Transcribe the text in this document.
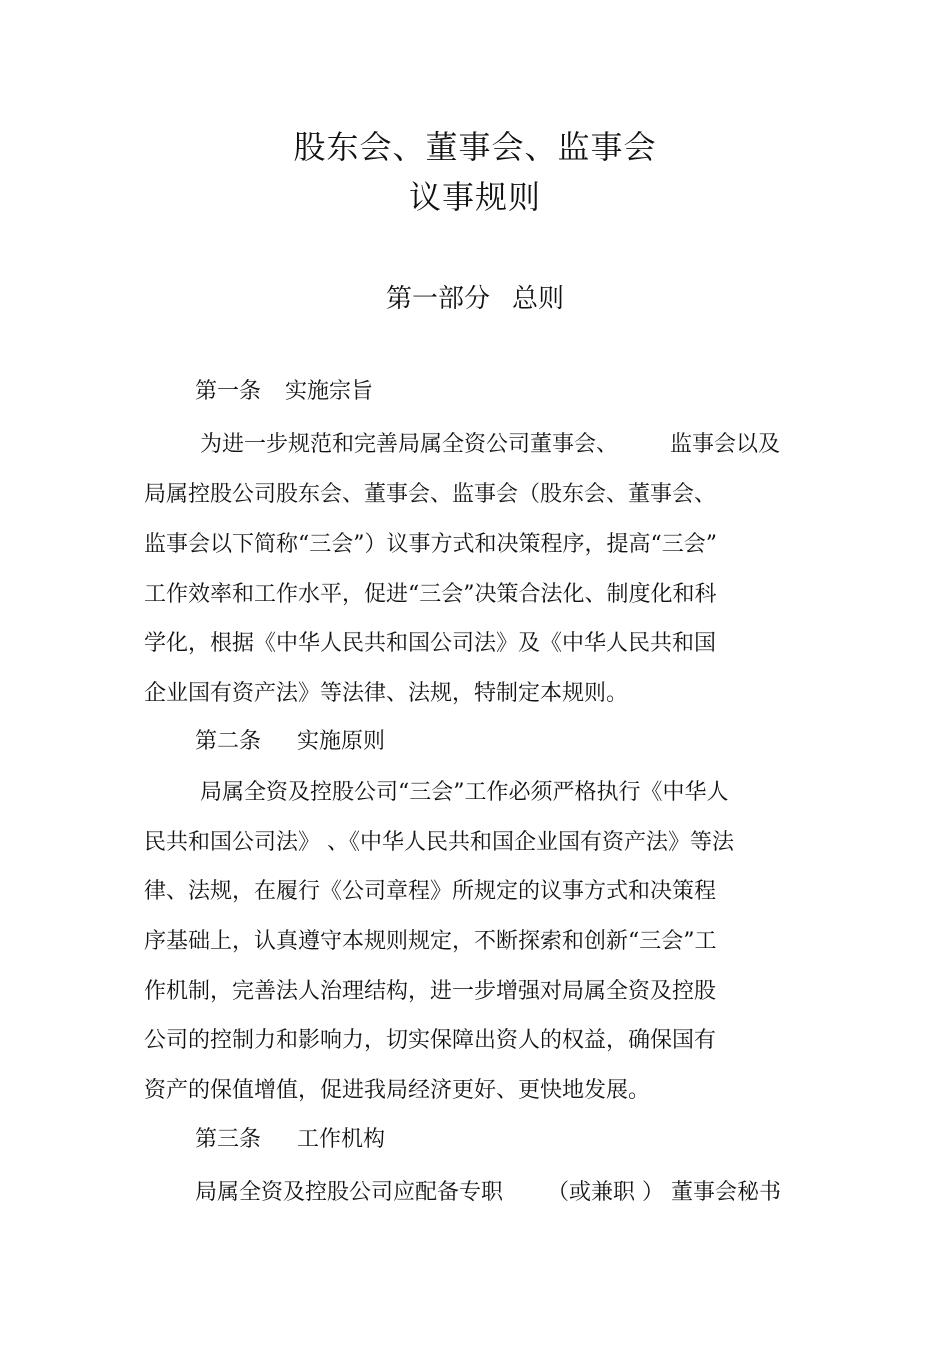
股东会、董事会、监事会
议事规则
第一部分 总则
第一条 实施宗旨
为进一步规范和完善局属全资公司董事会、 监事会以及
局属控股公司股东会、董事会、监事会（股东会、董事会、
监事会以下简称“三会”）议事方式和决策程序，提高“三会”
工作效率和工作水平，促进“三会”决策合法化、制度化和科
学化，根据《中华人民共和国公司法》及《中华人民共和国
企业国有资产法》等法律、法规，特制定本规则。
第二条 实施原则
局属全资及控股公司“三会”工作必须严格执行《中华人
民共和国公司法》 、《中华人民共和国企业国有资产法》等法
律、法规，在履行《公司章程》所规定的议事方式和决策程
序基础上，认真遵守本规则规定，不断探索和创新“三会”工
作机制，完善法人治理结构，进一步增强对局属全资及控股
公司的控制力和影响力，切实保障出资人的权益，确保国有
资产的保值增值，促进我局经济更好、更快地发展。
第三条 工作机构
局属全资及控股公司应配备专职 （或兼职 ） 董事会秘书
